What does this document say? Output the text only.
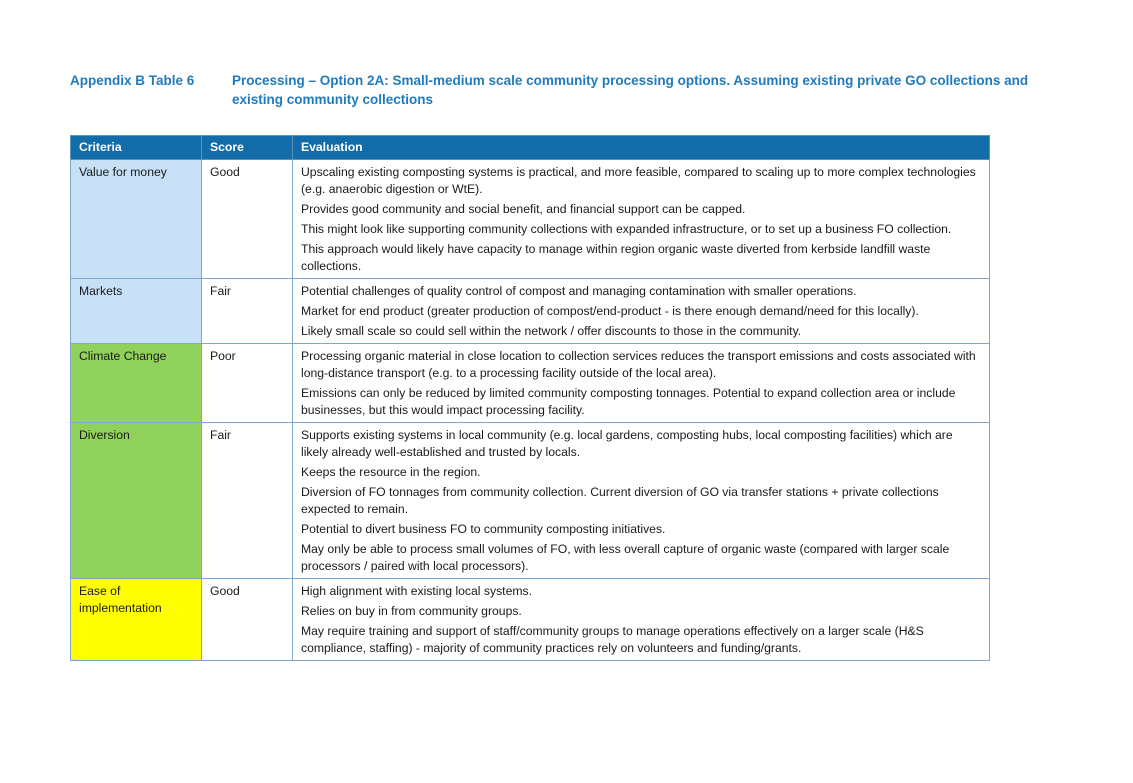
Appendix B Table 6	Processing – Option 2A: Small-medium scale community processing options. Assuming existing private GO collections and existing community collections
Criteria	Score	Evaluation
Value for money	Good	Upscaling existing composting systems is practical, and more feasible, compared to scaling up to more complex technologies (e.g. anaerobic digestion or WtE).

Provides good community and social benefit, and financial support can be capped.

This might look like supporting community collections with expanded infrastructure, or to set up a business FO collection.

This approach would likely have capacity to manage within region organic waste diverted from kerbside landfill waste collections.

Markets	Fair	Potential challenges of quality control of compost and managing contamination with smaller operations.

Market for end product (greater production of compost/end-product - is there enough demand/need for this locally).

Likely small scale so could sell within the network / offer discounts to those in the community.

Climate Change	Poor	Processing organic material in close location to collection services reduces the transport emissions and costs associated with long-distance transport (e.g. to a processing facility outside of the local area).

Emissions can only be reduced by limited community composting tonnages. Potential to expand collection area or include businesses, but this would impact processing facility.

Diversion	Fair	Supports existing systems in local community (e.g. local gardens, composting hubs, local composting facilities) which are likely already well-established and trusted by locals.

Keeps the resource in the region.

Diversion of FO tonnages from community collection. Current diversion of GO via transfer stations + private collections expected to remain.

Potential to divert business FO to community composting initiatives.

May only be able to process small volumes of FO, with less overall capture of organic waste (compared with larger scale processors / paired with local processors).

Ease of implementation	Good	High alignment with existing local systems.

Relies on buy in from community groups.

May require training and support of staff/community groups to manage operations effectively on a larger scale (H&S compliance, staffing) - majority of community practices rely on volunteers and funding/grants.
